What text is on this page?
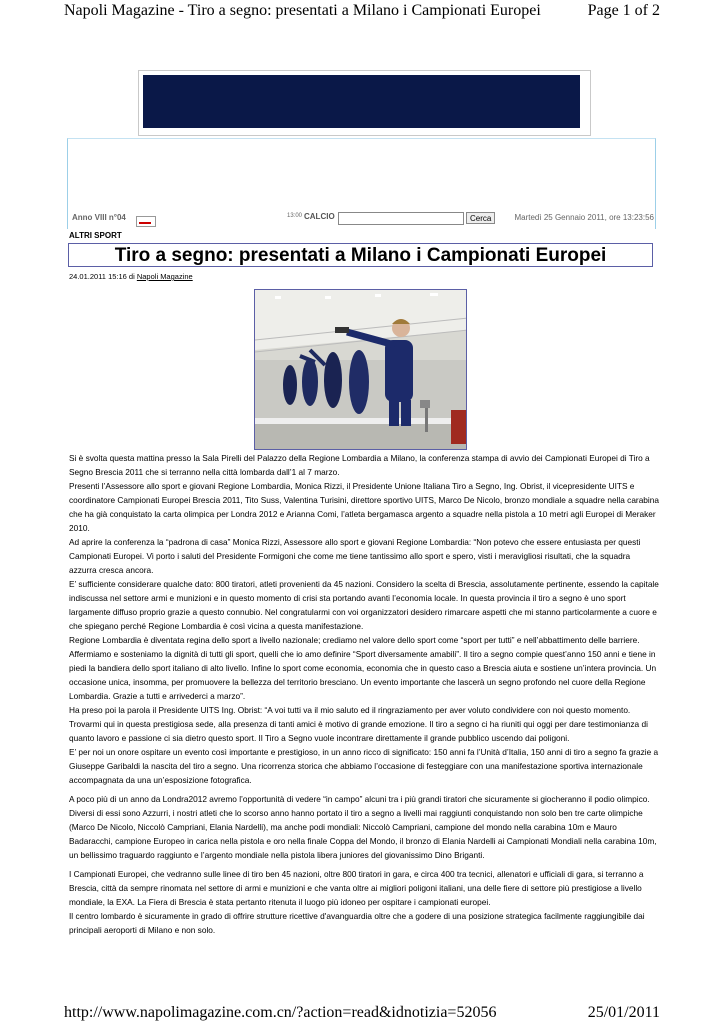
Napoli Magazine - Tiro a segno: presentati a Milano i Campionati Europei	Page 1 of 2
Anno VIII n°04	13:00 CALCIO	Cerca	Martedì 25 Gennaio 2011, ore 13:23:56
ALTRI SPORT
Tiro a segno: presentati a Milano i Campionati Europei
24.01.2011 15:16 di Napoli Magazine

Si è svolta questa mattina presso la Sala Pirelli del Palazzo della Regione Lombardia a Milano, la conferenza stampa di avvio dei Campionati Europei di Tiro a Segno Brescia 2011 che si terranno nella città lombarda dall’1 al 7 marzo.

Presenti l’Assessore allo sport e giovani Regione Lombardia, Monica Rizzi, il Presidente Unione Italiana Tiro a Segno, Ing. Obrist, il vicepresidente UITS e coordinatore Campionati Europei Brescia 2011, Tito Suss, Valentina Turisini, direttore sportivo UITS, Marco De Nicolo, bronzo mondiale a squadre nella carabina che ha già conquistato la carta olimpica per Londra 2012 e Arianna Comi, l’atleta bergamasca argento a squadre nella pistola a 10 metri agli Europei di Meraker 2010.

Ad aprire la conferenza la “padrona di casa” Monica Rizzi, Assessore allo sport e giovani Regione Lombardia: “Non potevo che essere entusiasta per questi Campionati Europei. Vi porto i saluti del Presidente Formigoni che come me tiene tantissimo allo sport e spero, visti i meravigliosi risultati, che la squadra azzurra cresca ancora.

E’ sufficiente considerare qualche dato: 800 tiratori, atleti provenienti da 45 nazioni. Considero la scelta di Brescia, assolutamente pertinente, essendo la capitale indiscussa nel settore armi e munizioni e in questo momento di crisi sta portando avanti l’economia locale. In questa provincia il tiro a segno è uno sport largamente diffuso proprio grazie a questo connubio. Nel congratularmi con voi organizzatori desidero rimarcare aspetti che mi stanno particolarmente a cuore e che spiegano perché Regione Lombardia è così vicina a questa manifestazione.

Regione Lombardia è diventata regina dello sport a livello nazionale; crediamo nel valore dello sport come “sport per tutti” e nell’abbattimento delle barriere. Affermiamo e sosteniamo la dignità di tutti gli sport, quelli che io amo definire “Sport diversamente amabili”. Il tiro a segno compie quest’anno 150 anni e tiene in piedi la bandiera dello sport italiano di alto livello. Infine lo sport come economia, economia che in questo caso a Brescia aiuta e sostiene un’intera provincia. Un occasione unica, insomma, per promuovere la bellezza del territorio bresciano. Un evento importante che lascerà un segno profondo nel cuore della Regione Lombardia. Grazie a tutti e arrivederci a marzo”.

Ha preso poi la parola il Presidente UITS Ing. Obrist: “A voi tutti va il mio saluto ed il ringraziamento per aver voluto condividere con noi questo momento. Trovarmi qui in questa prestigiosa sede, alla presenza di tanti amici è motivo di grande emozione. Il tiro a segno ci ha riuniti qui oggi per dare testimonianza di quanto lavoro e passione ci sia dietro questo sport. Il Tiro a Segno vuole incontrare direttamente il grande pubblico uscendo dai poligoni.

E’ per noi un onore ospitare un evento così importante e prestigioso, in un anno ricco di significato: 150 anni fa l’Unità d’Italia, 150 anni di tiro a segno fa grazie a Giuseppe Garibaldi la nascita del tiro a segno. Una ricorrenza storica che abbiamo l’occasione di festeggiare con una manifestazione sportiva internazionale accompagnata da una un’esposizione fotografica.

A poco più di un anno da Londra2012 avremo l’opportunità di vedere “in campo” alcuni tra i più grandi tiratori che sicuramente si giocheranno il podio olimpico. Diversi di essi sono Azzurri, i nostri atleti che lo scorso anno hanno portato il tiro a segno a livelli mai raggiunti conquistando non solo ben tre carte olimpiche (Marco De Nicolo, Niccolò Campriani, Elania Nardelli), ma anche podi mondiali: Niccolò Campriani, campione del mondo nella carabina 10m e Mauro Badaracchi, campione Europeo in carica nella pistola e oro nella finale Coppa del Mondo, il bronzo di Elania Nardelli ai Campionati Mondiali nella carabina 10m, un bellissimo traguardo raggiunto e l’argento mondiale nella pistola libera juniores del giovanissimo Dino Briganti.

I Campionati Europei, che vedranno sulle linee di tiro ben 45 nazioni, oltre 800 tiratori in gara, e circa 400 tra tecnici, allenatori e ufficiali di gara, si terranno a Brescia, città da sempre rinomata nel settore di armi e munizioni e che vanta oltre ai migliori poligoni italiani, una delle fiere di settore più prestigiose a livello mondiale, la EXA. La Fiera di Brescia è stata pertanto ritenuta il luogo più idoneo per ospitare i campionati europei.

Il centro lombardo è sicuramente in grado di offrire strutture ricettive d'avanguardia oltre che a godere di una posizione strategica facilmente raggiungibile dai principali aeroporti di Milano e non solo.

http://www.napolimagazine.com.cn/?action=read&idnotizia=52056	25/01/2011
